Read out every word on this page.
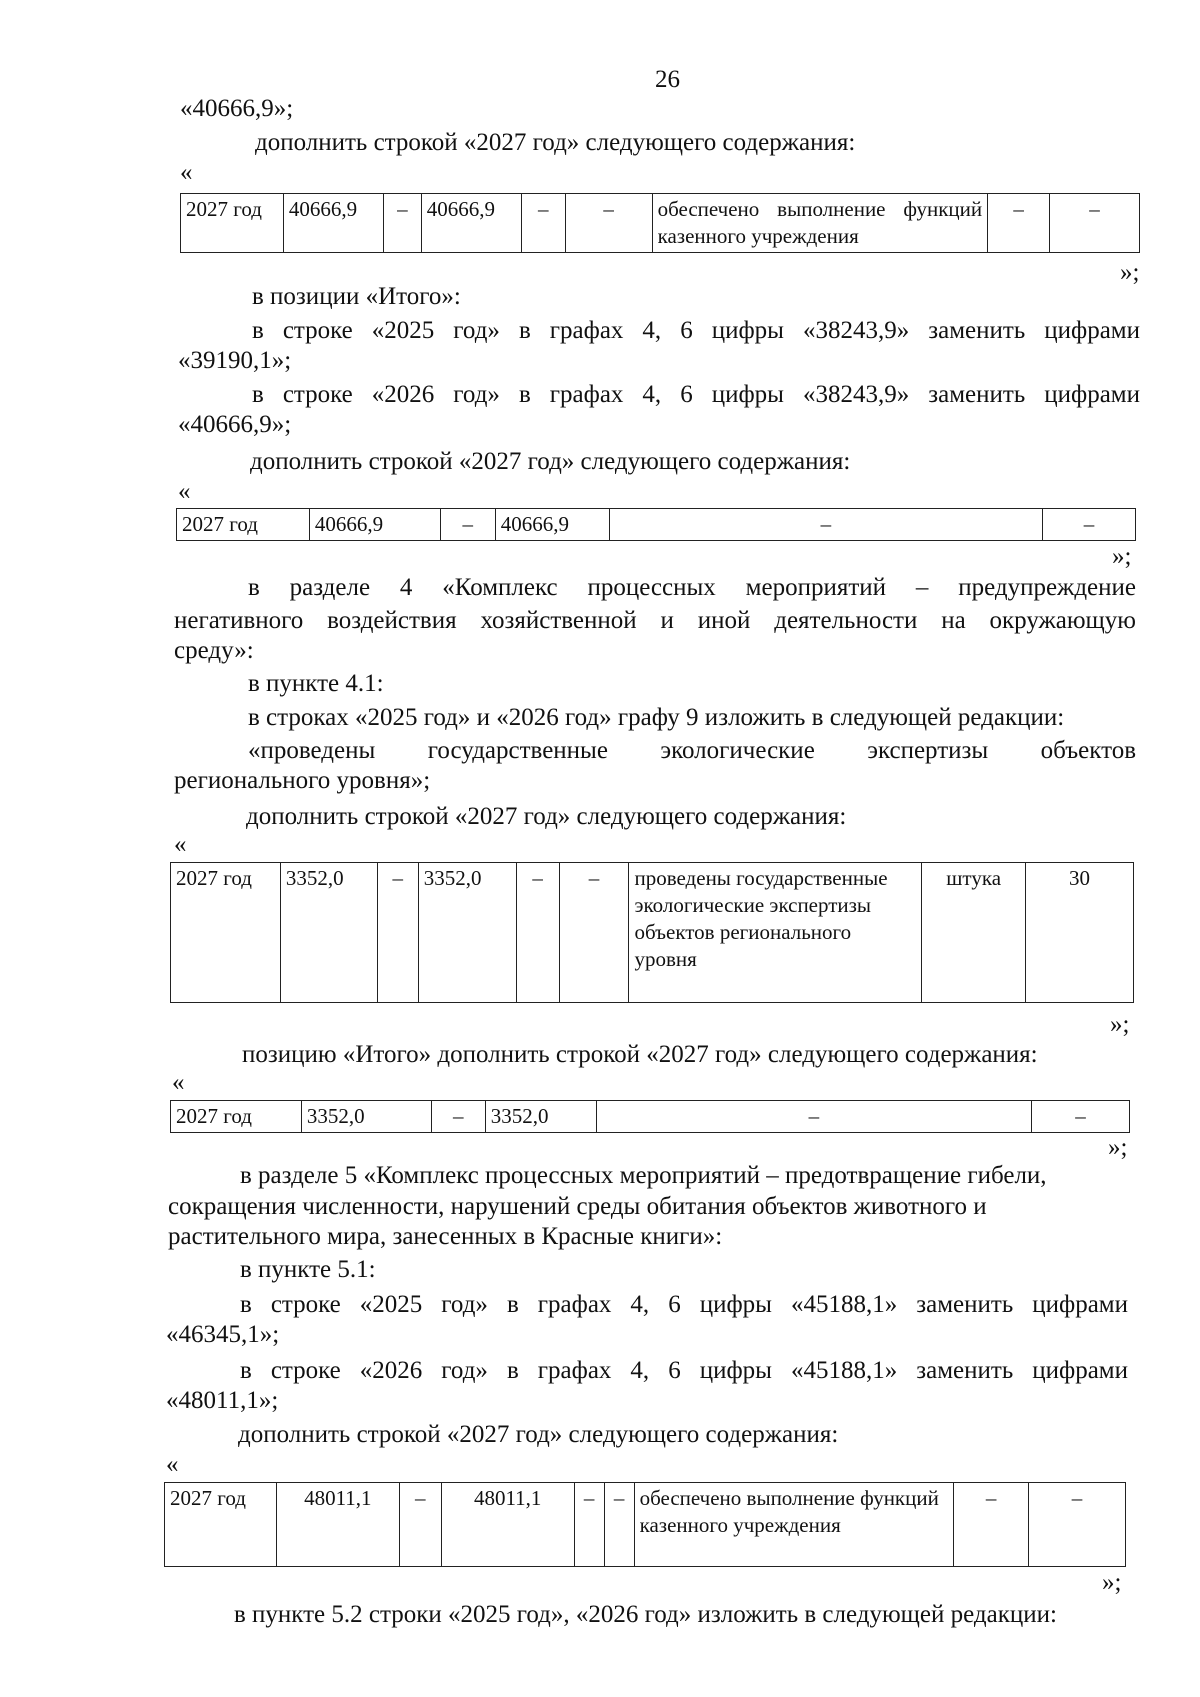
26
«40666,9»;
дополнить строкой «2027 год» следующего содержания:
«
2027 год	40666,9	–	40666,9	–	–	обеспечено выполнение функций казенного учреждения	–	–
»;
в позиции «Итого»:
в строке «2025 год» в графах 4, 6 цифры «38243,9» заменить цифрами
«39190,1»;
в строке «2026 год» в графах 4, 6 цифры «38243,9» заменить цифрами
«40666,9»;
дополнить строкой «2027 год» следующего содержания:
«
2027 год	40666,9	–	40666,9	–	–
»;
в разделе 4 «Комплекс процессных мероприятий – предупреждение
негативного воздействия хозяйственной и иной деятельности на окружающую
среду»:
в пункте 4.1:
в строках «2025 год» и «2026 год» графу 9 изложить в следующей редакции:
«проведены государственные экологические экспертизы объектов
регионального уровня»;
дополнить строкой «2027 год» следующего содержания:
«
2027 год	3352,0	–	3352,0	–	–	проведены государственные экологические экспертизы объектов регионального уровня	штука	30
»;
позицию «Итого» дополнить строкой «2027 год» следующего содержания:
«
2027 год	3352,0	–	3352,0	–	–
»;
в разделе 5 «Комплекс процессных мероприятий – предотвращение гибели,
сокращения численности, нарушений среды обитания объектов животного и
растительного мира, занесенных в Красные книги»:
в пункте 5.1:
в строке «2025 год» в графах 4, 6 цифры «45188,1» заменить цифрами
«46345,1»;
в строке «2026 год» в графах 4, 6 цифры «45188,1» заменить цифрами
«48011,1»;
дополнить строкой «2027 год» следующего содержания:
«
2027 год	48011,1	–	48011,1	–	–	обеспечено выполнение функций казенного учреждения	–	–
»;
в пункте 5.2 строки «2025 год», «2026 год» изложить в следующей редакции:
